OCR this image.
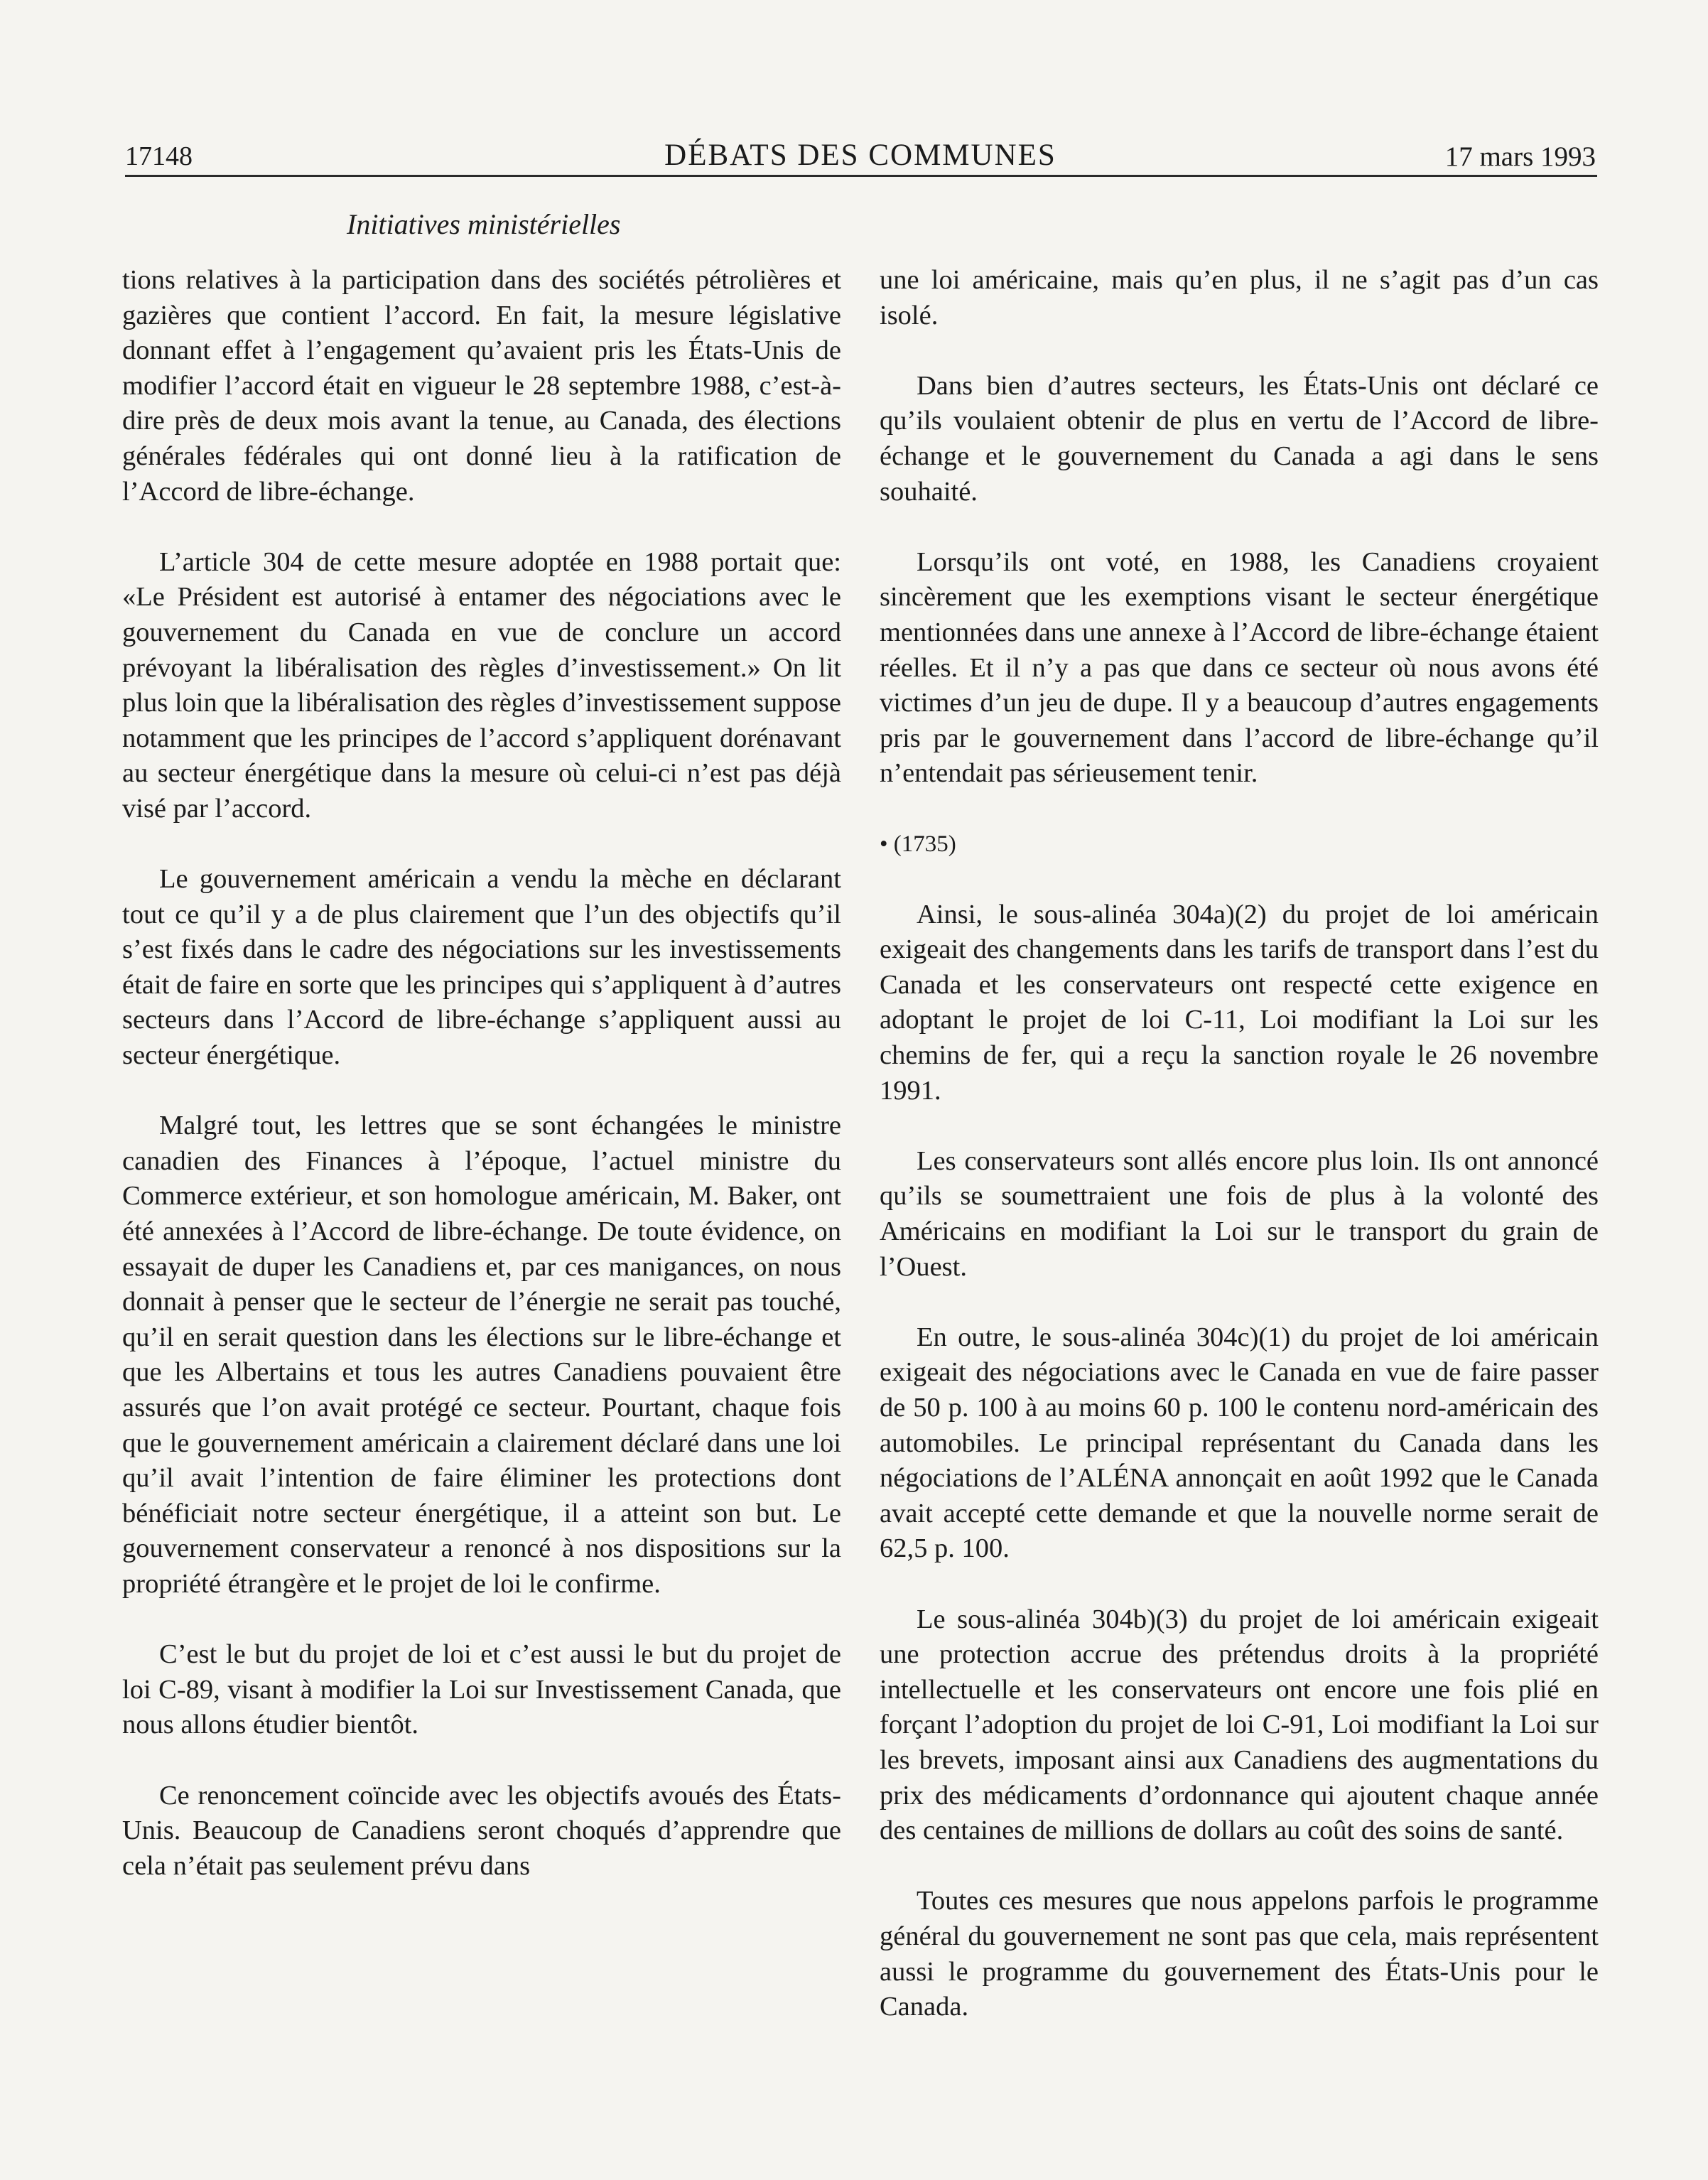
17148	DÉBATS DES COMMUNES	17 mars 1993
Initiatives ministérielles

tions relatives à la participation dans des sociétés pétrolières et gazières que contient l’accord. En fait, la mesure législative donnant effet à l’engagement qu’avaient pris les États-Unis de modifier l’accord était en vigueur le 28 septembre 1988, c’est-à-dire près de deux mois avant la tenue, au Canada, des élections générales fédérales qui ont donné lieu à la ratification de l’Accord de libre-échange.

L’article 304 de cette mesure adoptée en 1988 portait que: «Le Président est autorisé à entamer des négociations avec le gouvernement du Canada en vue de conclure un accord prévoyant la libéralisation des règles d’investissement.» On lit plus loin que la libéralisation des règles d’investissement suppose notamment que les principes de l’accord s’appliquent dorénavant au secteur énergétique dans la mesure où celui-ci n’est pas déjà visé par l’accord.

Le gouvernement américain a vendu la mèche en déclarant tout ce qu’il y a de plus clairement que l’un des objectifs qu’il s’est fixés dans le cadre des négociations sur les investissements était de faire en sorte que les principes qui s’appliquent à d’autres secteurs dans l’Accord de libre-échange s’appliquent aussi au secteur énergétique.

Malgré tout, les lettres que se sont échangées le ministre canadien des Finances à l’époque, l’actuel ministre du Commerce extérieur, et son homologue américain, M. Baker, ont été annexées à l’Accord de libre-échange. De toute évidence, on essayait de duper les Canadiens et, par ces manigances, on nous donnait à penser que le secteur de l’énergie ne serait pas touché, qu’il en serait question dans les élections sur le libre-échange et que les Albertains et tous les autres Canadiens pouvaient être assurés que l’on avait protégé ce secteur. Pourtant, chaque fois que le gouvernement américain a clairement déclaré dans une loi qu’il avait l’intention de faire éliminer les protections dont bénéficiait notre secteur énergétique, il a atteint son but. Le gouvernement conservateur a renoncé à nos dispositions sur la propriété étrangère et le projet de loi le confirme.

C’est le but du projet de loi et c’est aussi le but du projet de loi C-89, visant à modifier la Loi sur Investissement Canada, que nous allons étudier bientôt.

Ce renoncement coïncide avec les objectifs avoués des États-Unis. Beaucoup de Canadiens seront choqués d’apprendre que cela n’était pas seulement prévu dans

une loi américaine, mais qu’en plus, il ne s’agit pas d’un cas isolé.

Dans bien d’autres secteurs, les États-Unis ont déclaré ce qu’ils voulaient obtenir de plus en vertu de l’Accord de libre-échange et le gouvernement du Canada a agi dans le sens souhaité.

Lorsqu’ils ont voté, en 1988, les Canadiens croyaient sincèrement que les exemptions visant le secteur énergétique mentionnées dans une annexe à l’Accord de libre-échange étaient réelles. Et il n’y a pas que dans ce secteur où nous avons été victimes d’un jeu de dupe. Il y a beaucoup d’autres engagements pris par le gouvernement dans l’accord de libre-échange qu’il n’entendait pas sérieusement tenir.

• (1735)

Ainsi, le sous-alinéa 304a)(2) du projet de loi américain exigeait des changements dans les tarifs de transport dans l’est du Canada et les conservateurs ont respecté cette exigence en adoptant le projet de loi C-11, Loi modifiant la Loi sur les chemins de fer, qui a reçu la sanction royale le 26 novembre 1991.

Les conservateurs sont allés encore plus loin. Ils ont annoncé qu’ils se soumettraient une fois de plus à la volonté des Américains en modifiant la Loi sur le transport du grain de l’Ouest.

En outre, le sous-alinéa 304c)(1) du projet de loi américain exigeait des négociations avec le Canada en vue de faire passer de 50 p. 100 à au moins 60 p. 100 le contenu nord-américain des automobiles. Le principal représentant du Canada dans les négociations de l’ALÉNA annonçait en août 1992 que le Canada avait accepté cette demande et que la nouvelle norme serait de 62,5 p. 100.

Le sous-alinéa 304b)(3) du projet de loi américain exigeait une protection accrue des prétendus droits à la propriété intellectuelle et les conservateurs ont encore une fois plié en forçant l’adoption du projet de loi C-91, Loi modifiant la Loi sur les brevets, imposant ainsi aux Canadiens des augmentations du prix des médicaments d’ordonnance qui ajoutent chaque année des centaines de millions de dollars au coût des soins de santé.

Toutes ces mesures que nous appelons parfois le programme général du gouvernement ne sont pas que cela, mais représentent aussi le programme du gouvernement des États-Unis pour le Canada.
